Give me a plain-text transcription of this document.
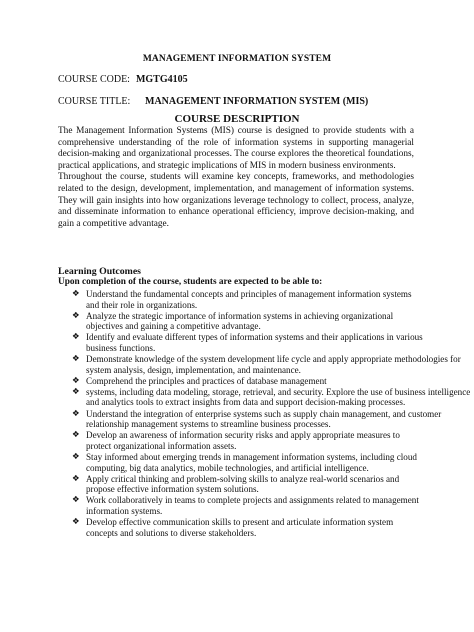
MANAGEMENT INFORMATION SYSTEM
COURSE CODE: MGTG4105
COURSE TITLE: MANAGEMENT INFORMATION SYSTEM (MIS)
COURSE DESCRIPTION

The Management Information Systems (MIS) course is designed to provide students with a comprehensive understanding of the role of information systems in supporting managerial decision-making and organizational processes. The course explores the theoretical foundations, practical applications, and strategic implications of MIS in modern business environments.

Throughout the course, students will examine key concepts, frameworks, and methodologies related to the design, development, implementation, and management of information systems. They will gain insights into how organizations leverage technology to collect, process, analyze, and disseminate information to enhance operational efficiency, improve decision-making, and gain a competitive advantage.

Learning Outcomes
Upon completion of the course, students are expected to be able to:
❖ Understand the fundamental concepts and principles of management information systems and their role in organizations.
❖ Analyze the strategic importance of information systems in achieving organizational objectives and gaining a competitive advantage.
❖ Identify and evaluate different types of information systems and their applications in various business functions.
❖ Demonstrate knowledge of the system development life cycle and apply appropriate methodologies for system analysis, design, implementation, and maintenance.
❖ Comprehend the principles and practices of database management
❖ systems, including data modeling, storage, retrieval, and security. Explore the use of business intelligence and analytics tools to extract insights from data and support decision-making processes.
❖ Understand the integration of enterprise systems such as supply chain management, and customer relationship management systems to streamline business processes.
❖ Develop an awareness of information security risks and apply appropriate measures to protect organizational information assets.
❖ Stay informed about emerging trends in management information systems, including cloud computing, big data analytics, mobile technologies, and artificial intelligence.
❖ Apply critical thinking and problem-solving skills to analyze real-world scenarios and propose effective information system solutions.
❖ Work collaboratively in teams to complete projects and assignments related to management information systems.
❖ Develop effective communication skills to present and articulate information system concepts and solutions to diverse stakeholders.
